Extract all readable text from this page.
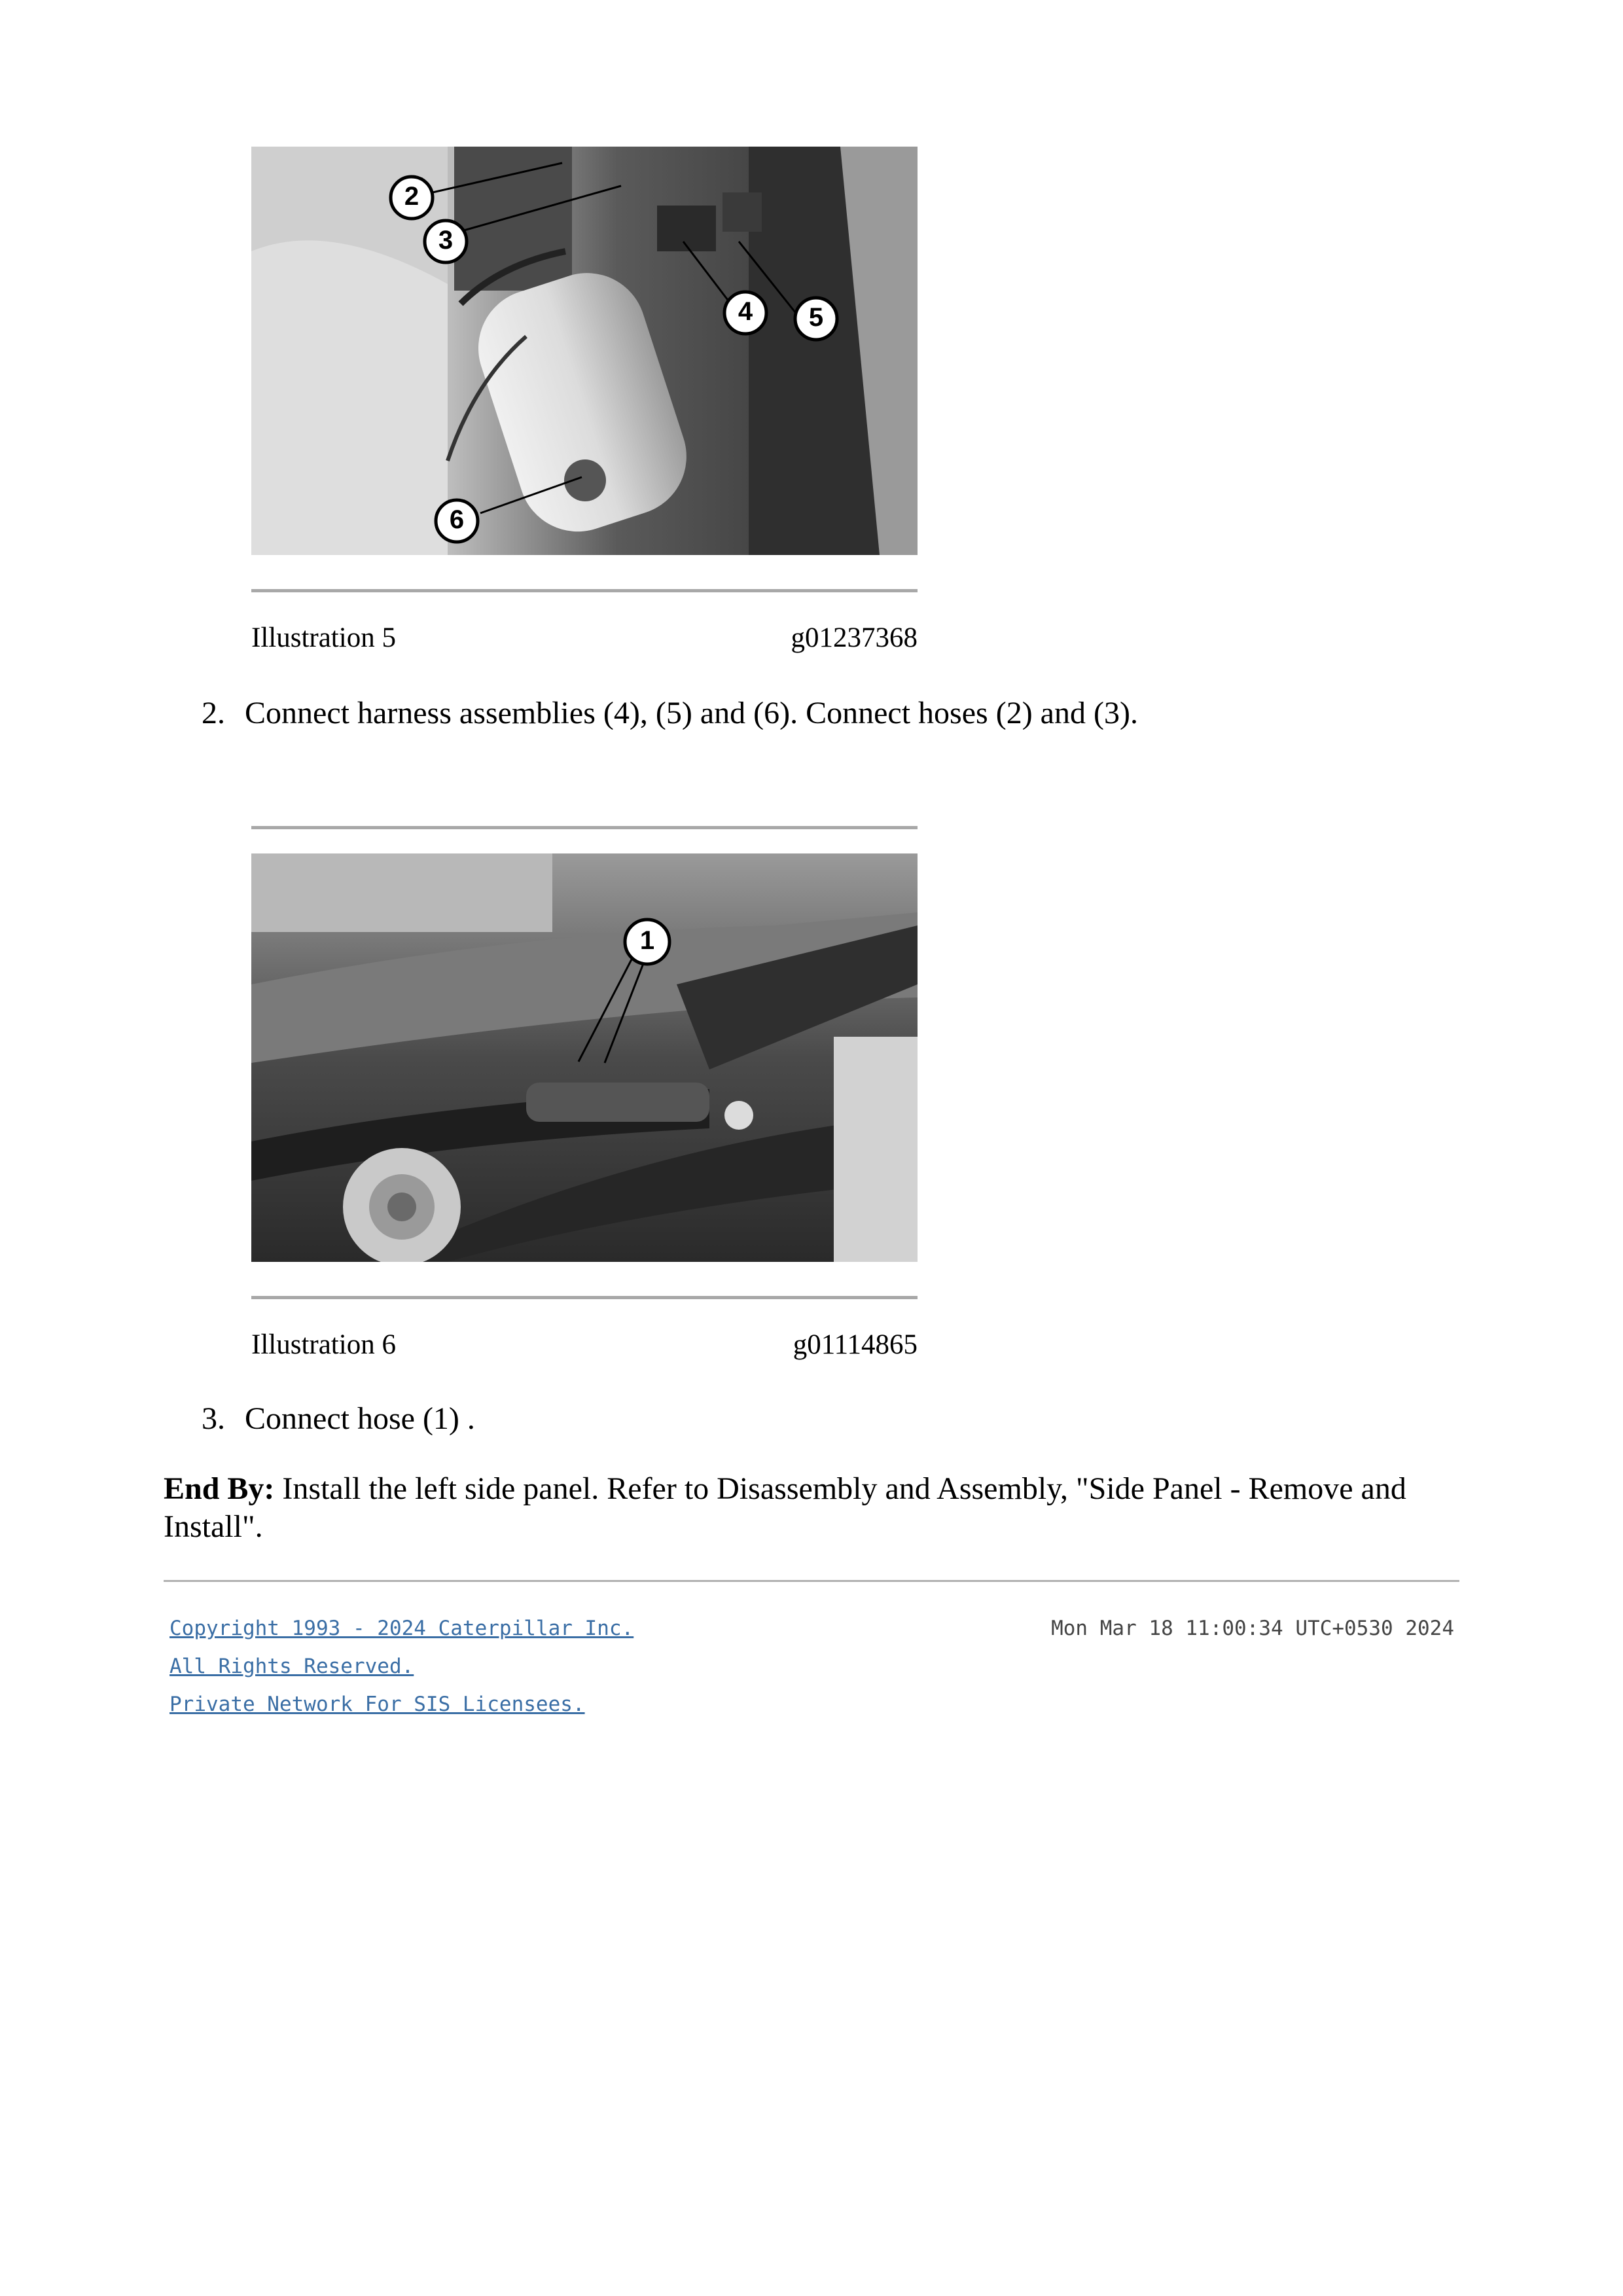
2
3
4 5
6
Illustration 5	g01237368
2. Connect harness assemblies (4), (5) and (6). Connect hoses (2) and (3).
1
Illustration 6	g01114865
3. Connect hose (1) .
End By: Install the left side panel. Refer to Disassembly and Assembly, "Side Panel - Remove and Install".
Copyright 1993 - 2024 Caterpillar Inc.
All Rights Reserved.
Private Network For SIS Licensees.
Mon Mar 18 11:00:34 UTC+0530 2024
